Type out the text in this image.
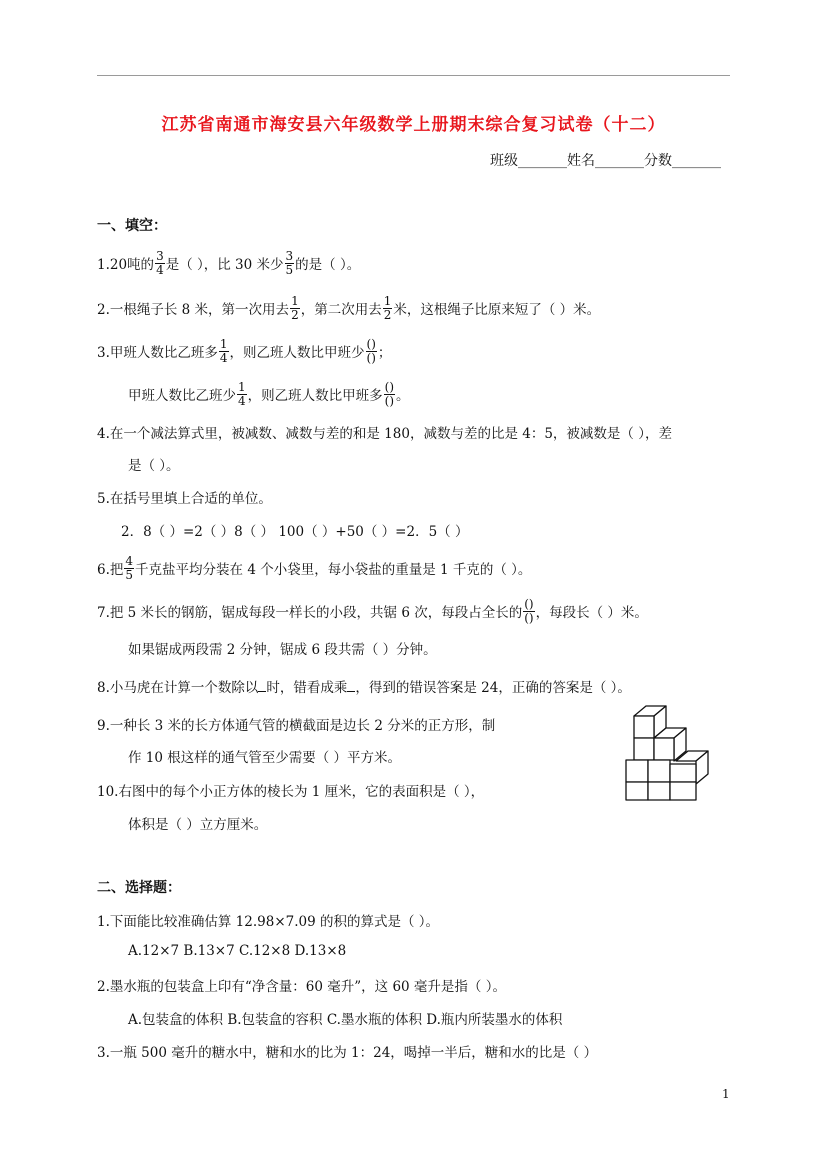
江苏省南通市海安县六年级数学上册期末综合复习试卷（十二）
班级_______姓名_______分数_______
一、填空：
1.20吨的 $\frac{3}{4}$ 是（ ），比 30 米少 $\frac{3}{5}$ 的是（ ）。
2.一根绳子长 8 米，第一次用去 $\frac{1}{2}$ ，第二次用去 $\frac{1}{2}$ 米，这根绳子比原来短了（ ）米。
3.甲班人数比乙班多 $\frac{1}{4}$ ，则乙班人数比甲班少 $\frac{()}{()}$ ；
甲班人数比乙班少 $\frac{1}{4}$ ，则乙班人数比甲班多 $\frac{()}{()}$ 。
4.在一个减法算式里，被减数、减数与差的和是 180，减数与差的比是 4：5，被减数是（ ），差
是（ ）。
5.在括号里填上合适的单位。
2．8（ ）=2（ ）8（ ） 100（ ）+50（ ）=2．5（ ）
6.把 $\frac{4}{5}$ 千克盐平均分装在 4 个小袋里，每小袋盐的重量是 1 千克的（ ）。
7.把 5 米长的钢筋，锯成每段一样长的小段，共锯 6 次，每段占全长的 $\frac{()}{()}$ ，每段长（ ）米。
如果锯成两段需 2 分钟，锯成 6 段共需（ ）分钟。
8.小马虎在计算一个数除以 时，错看成乘 ，得到的错误答案是 24，正确的答案是（ ）。
9.一种长 3 米的长方体通气管的横截面是边长 2 分米的正方形，制
作 10 根这样的通气管至少需要（ ）平方米。
10.右图中的每个小正方体的棱长为 1 厘米，它的表面积是（ ），
体积是（ ）立方厘米。
二、选择题：
1.下面能比较准确估算 12.98×7.09 的积的算式是（ ）。
A.12×7 B.13×7 C.12×8 D.13×8
2.墨水瓶的包装盒上印有“净含量：60 毫升”，这 60 毫升是指（ ）。
A.包装盒的体积 B.包装盒的容积 C.墨水瓶的体积 D.瓶内所装墨水的体积
3.一瓶 500 毫升的糖水中，糖和水的比为 1：24，喝掉一半后，糖和水的比是（ ）
1
